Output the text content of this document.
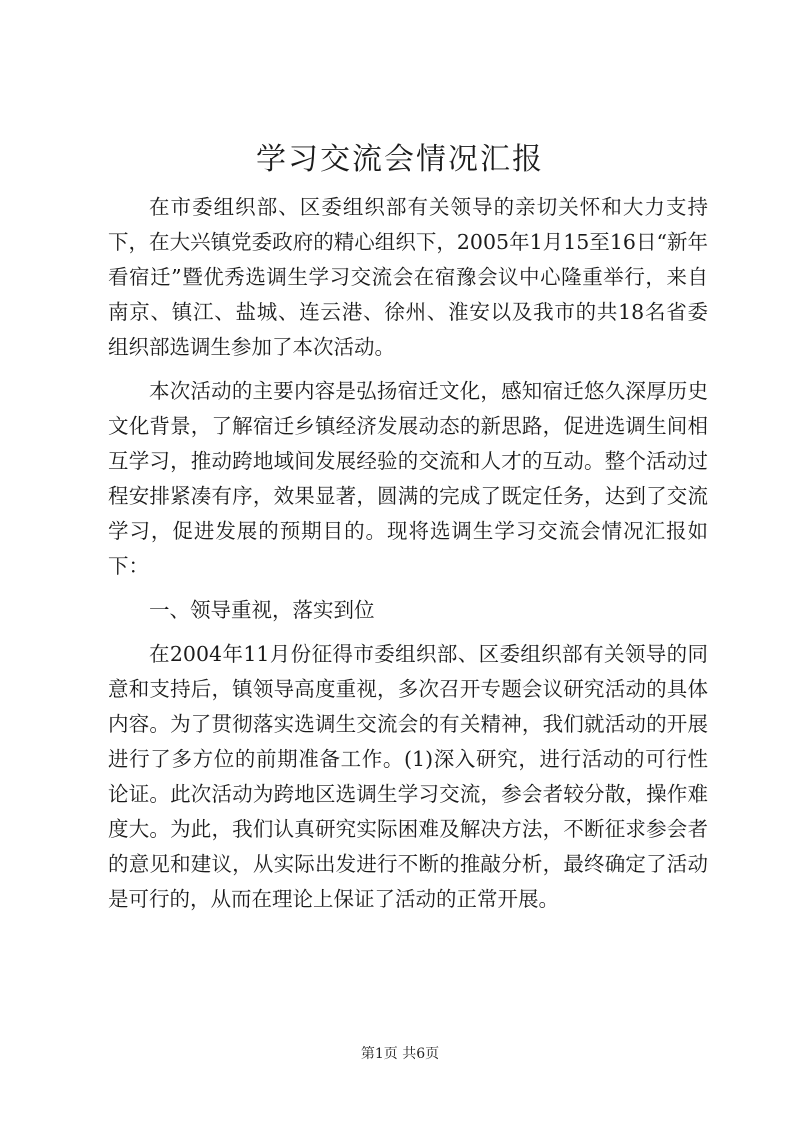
学习交流会情况汇报

在市委组织部、区委组织部有关领导的亲切关怀和大力支持下，在大兴镇党委政府的精心组织下，2005年1月15至16日“新年看宿迁”暨优秀选调生学习交流会在宿豫会议中心隆重举行，来自南京、镇江、盐城、连云港、徐州、淮安以及我市的共18名省委组织部选调生参加了本次活动。

本次活动的主要内容是弘扬宿迁文化，感知宿迁悠久深厚历史文化背景，了解宿迁乡镇经济发展动态的新思路，促进选调生间相互学习，推动跨地域间发展经验的交流和人才的互动。整个活动过程安排紧凑有序，效果显著，圆满的完成了既定任务，达到了交流学习，促进发展的预期目的。现将选调生学习交流会情况汇报如下：

一、领导重视，落实到位

在2004年11月份征得市委组织部、区委组织部有关领导的同意和支持后，镇领导高度重视，多次召开专题会议研究活动的具体内容。为了贯彻落实选调生交流会的有关精神，我们就活动的开展进行了多方位的前期准备工作。(1)深入研究，进行活动的可行性论证。此次活动为跨地区选调生学习交流，参会者较分散，操作难度大。为此，我们认真研究实际困难及解决方法，不断征求参会者的意见和建议，从实际出发进行不断的推敲分析，最终确定了活动是可行的，从而在理论上保证了活动的正常开展。

第1页 共6页
